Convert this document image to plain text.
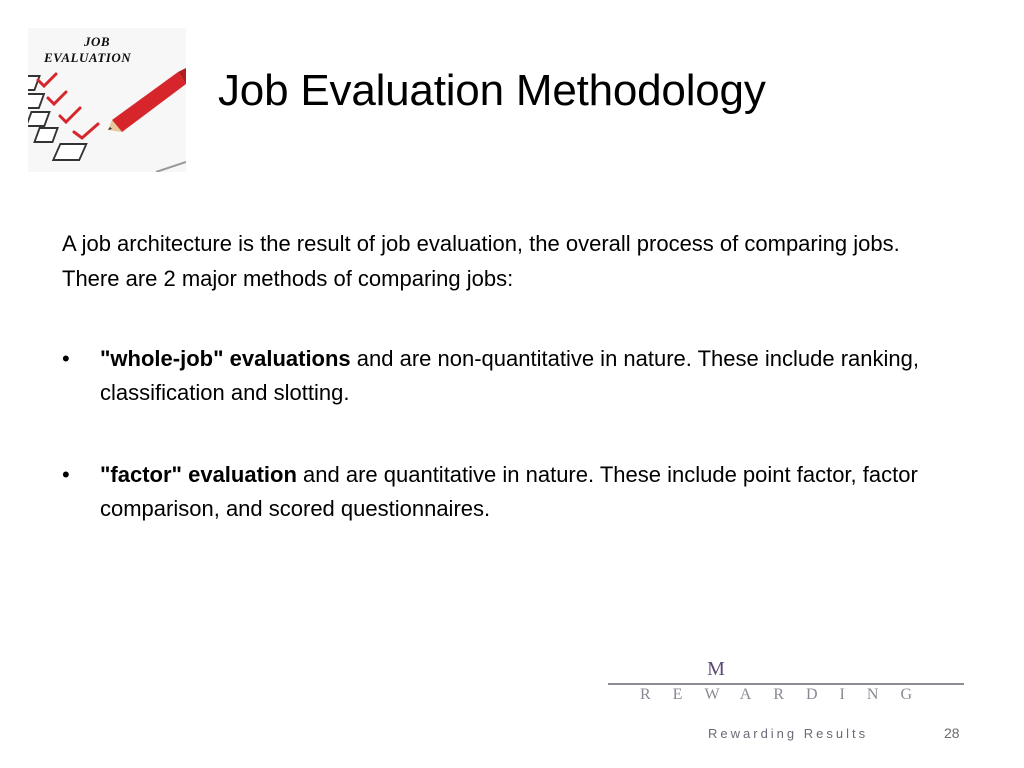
JOB
EVALUATION
Job Evaluation Methodology

A job architecture is the result of job evaluation, the overall process of comparing jobs. There are 2 major methods of comparing jobs:

• "whole-job" evaluations and are non-quantitative in nature. These include ranking, classification and slotting.

• "factor" evaluation and are quantitative in nature. These include point factor, factor comparison, and scored questionnaires.

M
REWARDING
Rewarding Results	28
